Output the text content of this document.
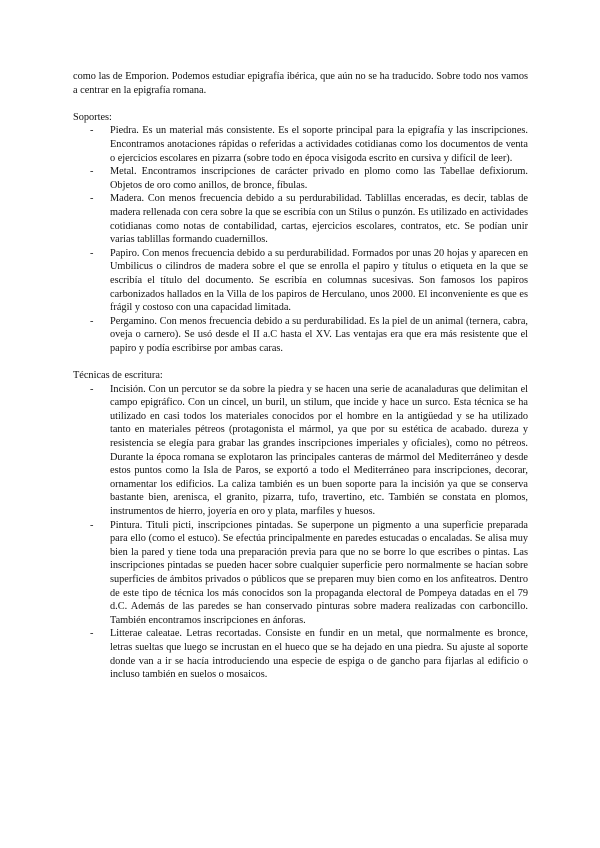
como las de Emporion. Podemos estudiar epigrafía ibérica, que aún no se ha traducido. Sobre todo nos vamos a centrar en la epigrafía romana.

Soportes:

- Piedra. Es un material más consistente. Es el soporte principal para la epigrafía y las inscripciones. Encontramos anotaciones rápidas o referidas a actividades cotidianas como los documentos de venta o ejercicios escolares en pizarra (sobre todo en época visigoda escrito en cursiva y difícil de leer).
- Metal. Encontramos inscripciones de carácter privado en plomo como las Tabellae defixiorum. Objetos de oro como anillos, de bronce, fíbulas.
- Madera. Con menos frecuencia debido a su perdurabilidad. Tablillas enceradas, es decir, tablas de madera rellenada con cera sobre la que se escribía con un Stilus o punzón. Es utilizado en actividades cotidianas como notas de contabilidad, cartas, ejercicios escolares, contratos, etc. Se podían unir varias tablillas formando cuadernillos.
- Papiro. Con menos frecuencia debido a su perdurabilidad. Formados por unas 20 hojas y aparecen en Umbilicus o cilindros de madera sobre el que se enrolla el papiro y títulus o etiqueta en la que se escribía el título del documento. Se escribía en columnas sucesivas. Son famosos los papiros carbonizados hallados en la Villa de los papiros de Herculano, unos 2000. El inconveniente es que es frágil y costoso con una capacidad limitada.
- Pergamino. Con menos frecuencia debido a su perdurabilidad. Es la piel de un animal (ternera, cabra, oveja o carnero). Se usó desde el II a.C hasta el XV. Las ventajas era que era más resistente que el papiro y podía escribirse por ambas caras.

Técnicas de escritura:

- Incisión. Con un percutor se da sobre la piedra y se hacen una serie de acanaladuras que delimitan el campo epigráfico. Con un cincel, un buril, un stilum, que incide y hace un surco. Esta técnica se ha utilizado en casi todos los materiales conocidos por el hombre en la antigüedad y se ha utilizado tanto en materiales pétreos (protagonista el mármol, ya que por su estética de acabado. dureza y resistencia se elegía para grabar las grandes inscripciones imperiales y oficiales), como no pétreos. Durante la época romana se explotaron las principales canteras de mármol del Mediterráneo y desde estos puntos como la Isla de Paros, se exportó a todo el Mediterráneo para inscripciones, decorar, ornamentar los edificios. La caliza también es un buen soporte para la incisión ya que se conserva bastante bien, arenisca, el granito, pizarra, tufo, travertino, etc. También se constata en plomos, instrumentos de hierro, joyería en oro y plata, marfiles y huesos.
- Pintura. Tituli picti, inscripciones pintadas. Se superpone un pigmento a una superficie preparada para ello (como el estuco). Se efectúa principalmente en paredes estucadas o encaladas. Se alisa muy bien la pared y tiene toda una preparación previa para que no se borre lo que escribes o pintas. Las inscripciones pintadas se pueden hacer sobre cualquier superficie pero normalmente se hacían sobre superficies de ámbitos privados o públicos que se preparen muy bien como en los anfiteatros. Dentro de este tipo de técnica los más conocidos son la propaganda electoral de Pompeya datadas en el 79 d.C. Además de las paredes se han conservado pinturas sobre madera realizadas con carboncillo. También encontramos inscripciones en ánforas.
- Litterae caleatae. Letras recortadas. Consiste en fundir en un metal, que normalmente es bronce, letras sueltas que luego se incrustan en el hueco que se ha dejado en una piedra. Su ajuste al soporte donde van a ir se hacía introduciendo una especie de espiga o de gancho para fijarlas al edificio o incluso también en suelos o mosaicos.
